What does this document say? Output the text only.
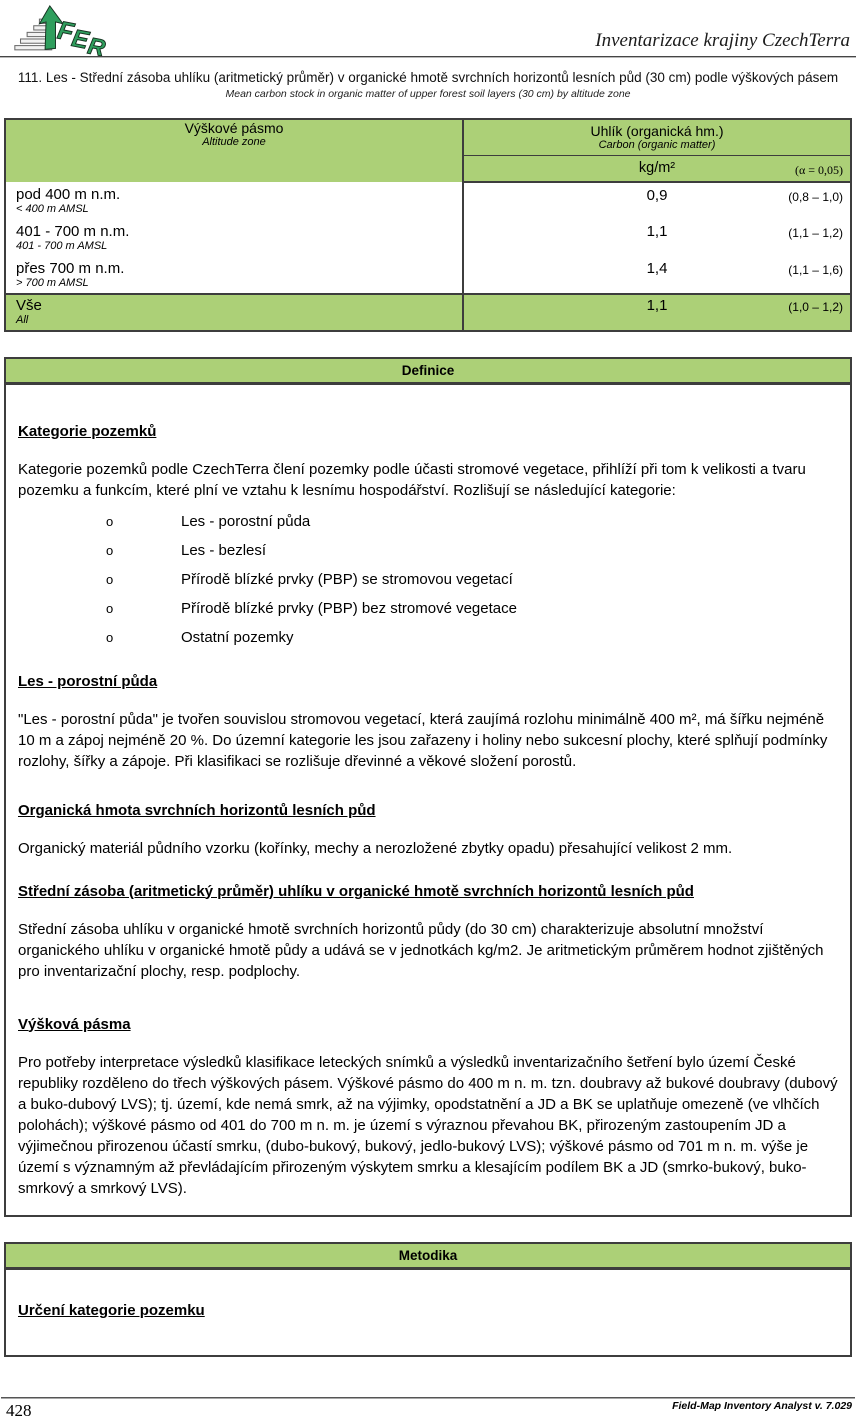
F
E
R	Inventarizace krajiny CzechTerra
111. Les - Střední zásoba uhlíku (aritmetický průměr) v organické hmotě svrchních horizontů lesních půd (30 cm) podle výškových pásem
Mean carbon stock in organic matter of upper forest soil layers (30 cm) by altitude zone
Výškové pásmo
Altitude zone

Uhlík (organická hm.)
Carbon (organic matter)

	kg/m² (α = 0,05)

pod 400 m n.m.
< 400 m AMSL
	0,9	(0,8 – 1,0)

401 - 700 m n.m.
401 - 700 m AMSL
	1,1	(1,1 – 1,2)

přes 700 m n.m.
> 700 m AMSL
	1,4	(1,1 – 1,6)

Vše
All
	1,1	(1,0 – 1,2)
Definice
Kategorie pozemků

Kategorie pozemků podle CzechTerra člení pozemky podle účasti stromové vegetace, přihlíží při tom k velikosti a tvaru pozemku a funkcím, které plní ve vztahu k lesnímu hospodářství. Rozlišují se následující kategorie:

o	Les - porostní půda
o	Les - bezlesí
o	Přírodě blízké prvky (PBP) se stromovou vegetací
o	Přírodě blízké prvky (PBP) bez stromové vegetace
o	Ostatní pozemky
Les - porostní půda

"Les - porostní půda" je tvořen souvislou stromovou vegetací, která zaujímá rozlohu minimálně 400 m², má šířku nejméně 10 m a zápoj nejméně 20 %. Do územní kategorie les jsou zařazeny i holiny nebo sukcesní plochy, které splňují podmínky rozlohy, šířky a zápoje. Při klasifikaci se rozlišuje dřevinné a věkové složení porostů.

Organická hmota svrchních horizontů lesních půd

Organický materiál půdního vzorku (kořínky, mechy a nerozložené zbytky opadu) přesahující velikost 2 mm.

Střední zásoba (aritmetický průměr) uhlíku v organické hmotě svrchních horizontů lesních půd

Střední zásoba uhlíku v organické hmotě svrchních horizontů půdy (do 30 cm) charakterizuje absolutní množství organického uhlíku v organické hmotě půdy a udává se v jednotkách kg/m2. Je aritmetickým průměrem hodnot zjištěných pro inventarizační plochy, resp. podplochy.

Výšková pásma

Pro potřeby interpretace výsledků klasifikace leteckých snímků a výsledků inventarizačního šetření bylo území České republiky rozděleno do třech výškových pásem. Výškové pásmo do 400 m n. m. tzn. doubravy až bukové doubravy (dubový a buko-dubový LVS); tj. území, kde nemá smrk, až na výjimky, opodstatnění a JD a BK se uplatňuje omezeně (ve vlhčích polohách); výškové pásmo od 401 do 700 m n. m. je území s výraznou převahou BK, přirozeným zastoupením JD a výjimečnou přirozenou účastí smrku, (dubo-bukový, bukový, jedlo-bukový LVS); výškové pásmo od 701 m n. m. výše je území s významným až převládajícím přirozeným výskytem smrku a klesajícím podílem BK a JD (smrko-bukový, buko-smrkový a smrkový LVS).

Metodika
Určení kategorie pozemku
428	Field-Map Inventory Analyst v. 7.029
